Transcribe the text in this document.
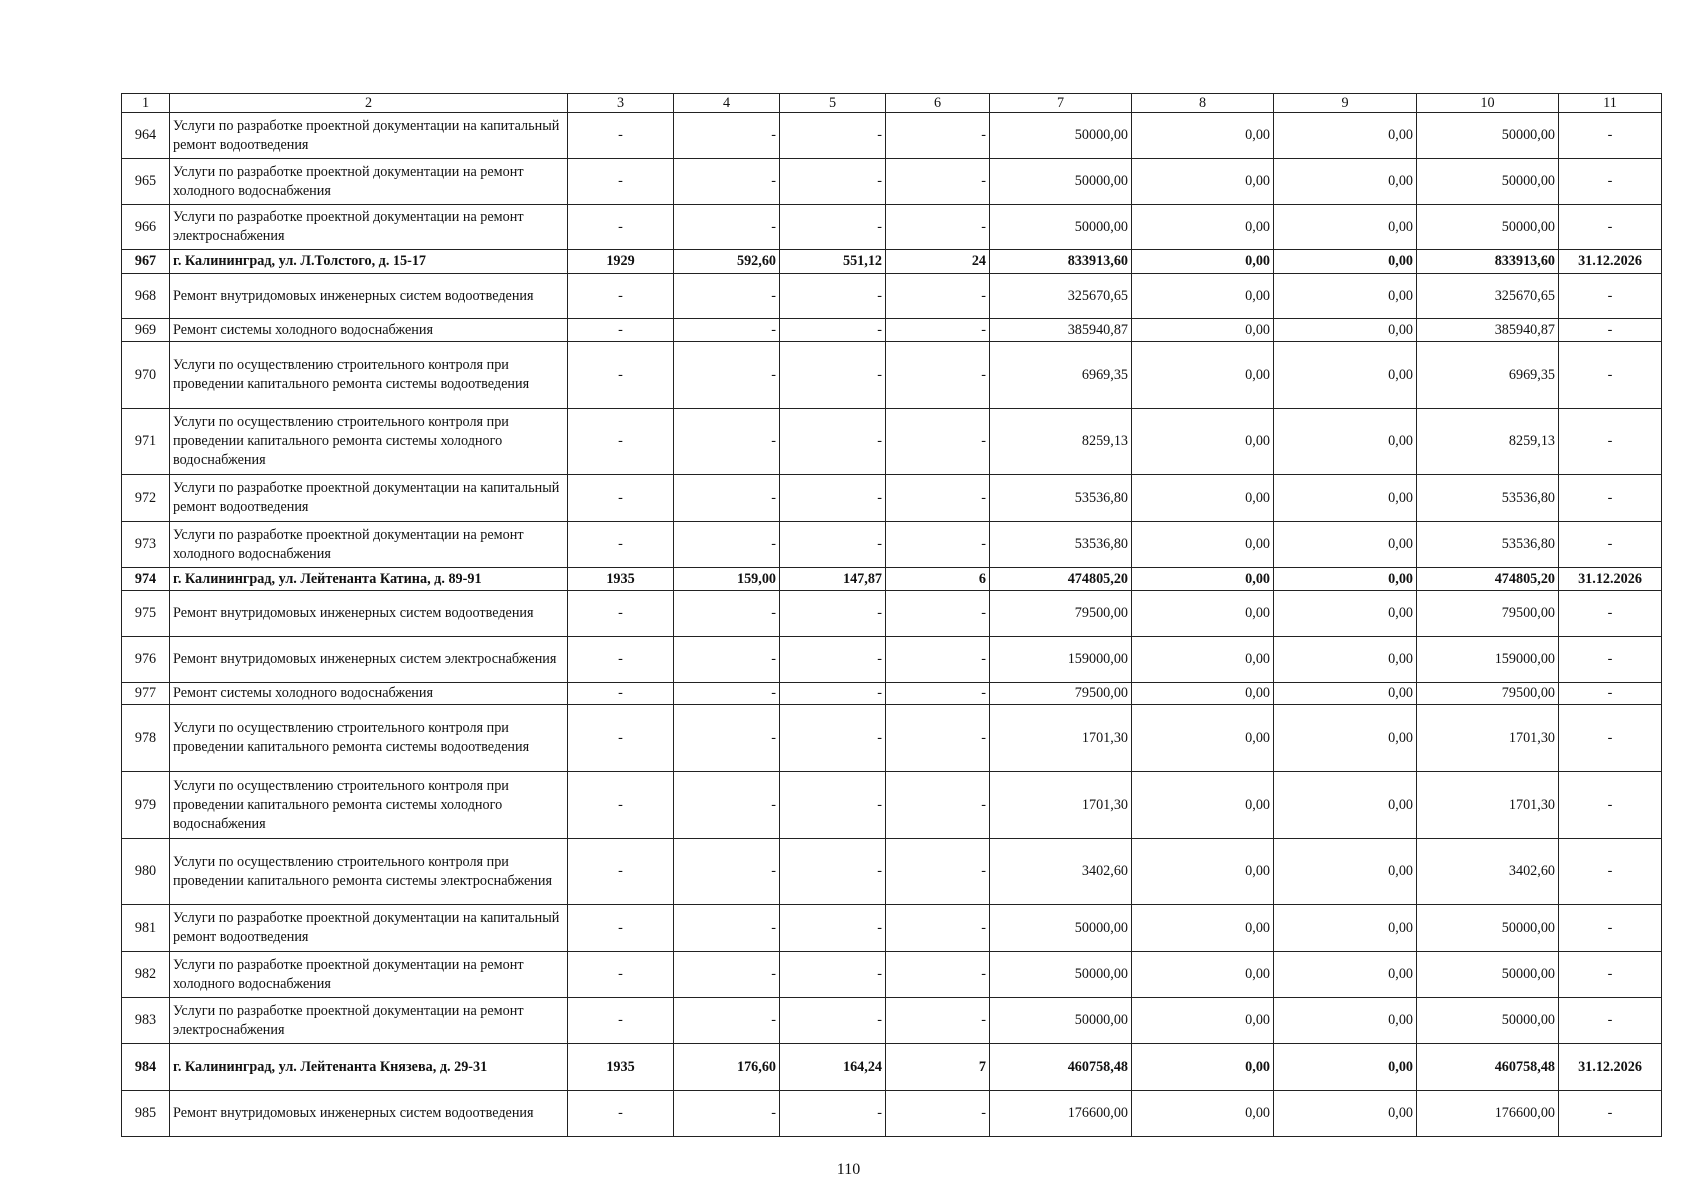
1	2	3	4	5	6	7	8	9	10	11
964	Услуги по разработке проектной документации на капитальный ремонт водоотведения	-	-	-	-	50000,00	0,00	0,00	50000,00	-
965	Услуги по разработке проектной документации на ремонт холодного водоснабжения	-	-	-	-	50000,00	0,00	0,00	50000,00	-
966	Услуги по разработке проектной документации на ремонт электроснабжения	-	-	-	-	50000,00	0,00	0,00	50000,00	-
967	г. Калининград, ул. Л.Толстого, д. 15-17	1929	592,60	551,12	24	833913,60	0,00	0,00	833913,60	31.12.2026
968	Ремонт внутридомовых инженерных систем водоотведения	-	-	-	-	325670,65	0,00	0,00	325670,65	-
969	Ремонт системы холодного водоснабжения	-	-	-	-	385940,87	0,00	0,00	385940,87	-
970	Услуги по осуществлению строительного контроля при проведении капитального ремонта системы водоотведения	-	-	-	-	6969,35	0,00	0,00	6969,35	-
971	Услуги по осуществлению строительного контроля при проведении капитального ремонта системы холодного водоснабжения	-	-	-	-	8259,13	0,00	0,00	8259,13	-
972	Услуги по разработке проектной документации на капитальный ремонт водоотведения	-	-	-	-	53536,80	0,00	0,00	53536,80	-
973	Услуги по разработке проектной документации на ремонт холодного водоснабжения	-	-	-	-	53536,80	0,00	0,00	53536,80	-
974	г. Калининград, ул. Лейтенанта Катина, д. 89-91	1935	159,00	147,87	6	474805,20	0,00	0,00	474805,20	31.12.2026
975	Ремонт внутридомовых инженерных систем водоотведения	-	-	-	-	79500,00	0,00	0,00	79500,00	-
976	Ремонт внутридомовых инженерных систем электроснабжения	-	-	-	-	159000,00	0,00	0,00	159000,00	-
977	Ремонт системы холодного водоснабжения	-	-	-	-	79500,00	0,00	0,00	79500,00	-
978	Услуги по осуществлению строительного контроля при проведении капитального ремонта системы водоотведения	-	-	-	-	1701,30	0,00	0,00	1701,30	-
979	Услуги по осуществлению строительного контроля при проведении капитального ремонта системы холодного водоснабжения	-	-	-	-	1701,30	0,00	0,00	1701,30	-
980	Услуги по осуществлению строительного контроля при проведении капитального ремонта системы электроснабжения	-	-	-	-	3402,60	0,00	0,00	3402,60	-
981	Услуги по разработке проектной документации на капитальный ремонт водоотведения	-	-	-	-	50000,00	0,00	0,00	50000,00	-
982	Услуги по разработке проектной документации на ремонт холодного водоснабжения	-	-	-	-	50000,00	0,00	0,00	50000,00	-
983	Услуги по разработке проектной документации на ремонт электроснабжения	-	-	-	-	50000,00	0,00	0,00	50000,00	-
984	г. Калининград, ул. Лейтенанта Князева, д. 29-31	1935	176,60	164,24	7	460758,48	0,00	0,00	460758,48	31.12.2026
985	Ремонт внутридомовых инженерных систем водоотведения	-	-	-	-	176600,00	0,00	0,00	176600,00	-
110
